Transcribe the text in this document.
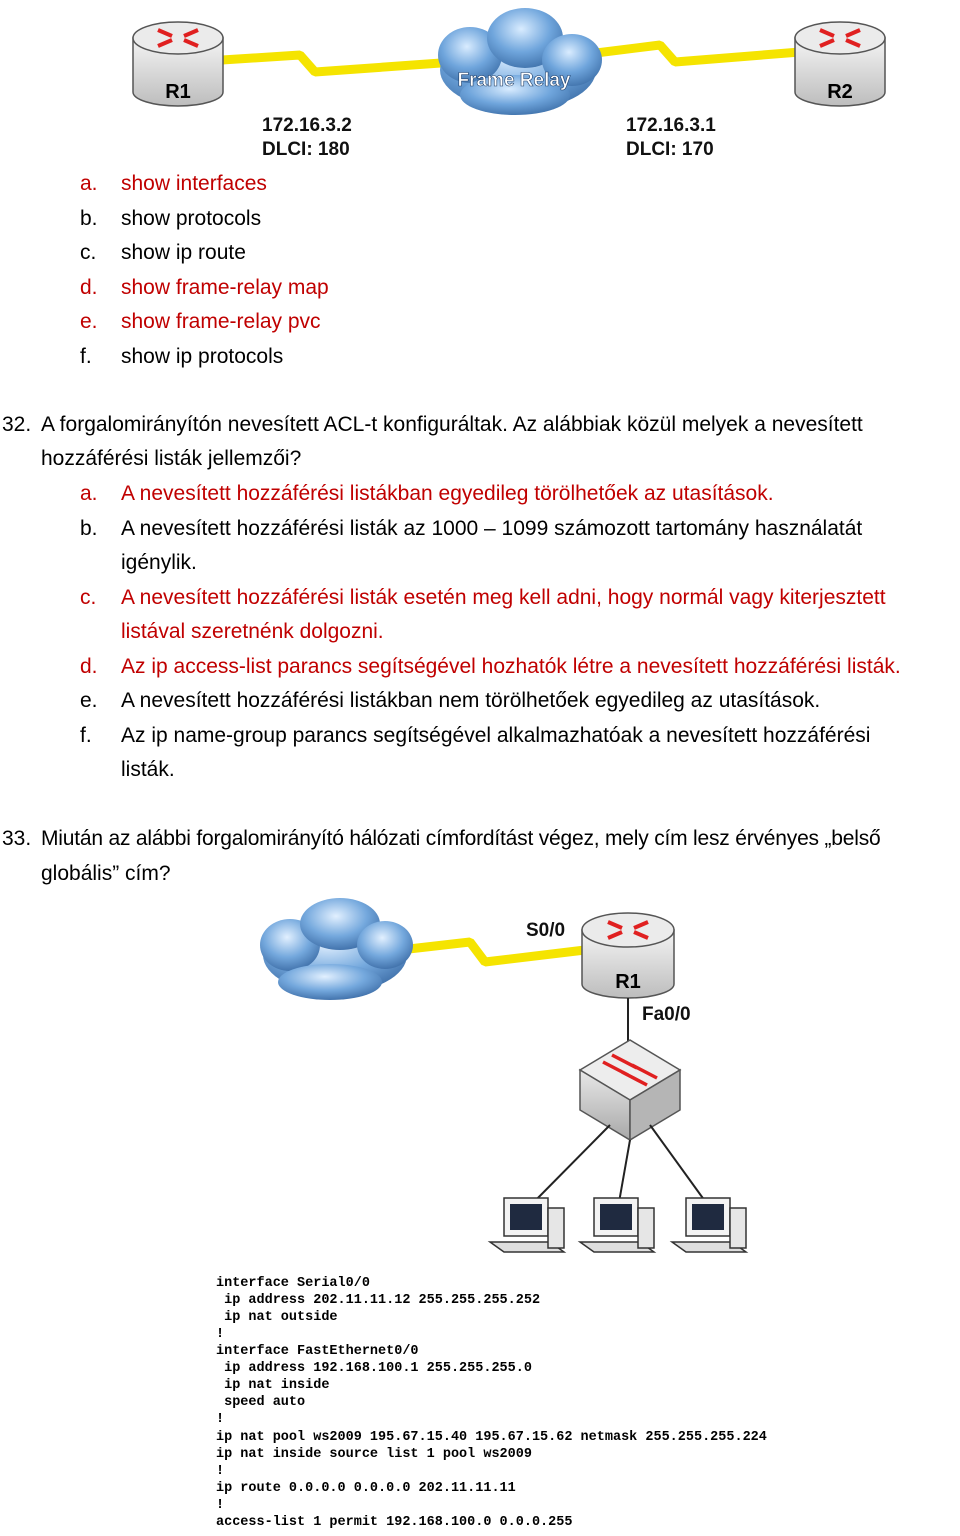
R1	R2
Frame Relay
172.16.3.2
DLCI: 180
172.16.3.1
DLCI: 170
a. show interfaces
b. show protocols
c. show ip route
d. show frame-relay map
e. show frame-relay pvc
f. show ip protocols
32. A forgalomirányítón nevesített ACL-t konfiguráltak. Az alábbiak közül melyek a nevesített
hozzáférési listák jellemzői?
a. A nevesített hozzáférési listákban egyedileg törölhetőek az utasítások.
b. A nevesített hozzáférési listák az 1000 – 1099 számozott tartomány használatát
igénylik.
c. A nevesített hozzáférési listák esetén meg kell adni, hogy normál vagy kiterjesztett
listával szeretnénk dolgozni.
d. Az ip access-list parancs segítségével hozhatók létre a nevesített hozzáférési listák.
e. A nevesített hozzáférési listákban nem törölhetőek egyedileg az utasítások.
f. Az ip name-group parancs segítségével alkalmazhatóak a nevesített hozzáférési
listák.
33. Miután az alábbi forgalomirányító hálózati címfordítást végez, mely cím lesz érvényes „belső
globális” cím?
S0/0
R1
Fa0/0
interface Serial0/0
ip address 202.11.11.12 255.255.255.252
ip nat outside
!
interface FastEthernet0/0
ip address 192.168.100.1 255.255.255.0
ip nat inside
speed auto
!
ip nat pool ws2009 195.67.15.40 195.67.15.62 netmask 255.255.255.224
ip nat inside source list 1 pool ws2009
!
ip route 0.0.0.0 0.0.0.0 202.11.11.11
!
access-list 1 permit 192.168.100.0 0.0.0.255
